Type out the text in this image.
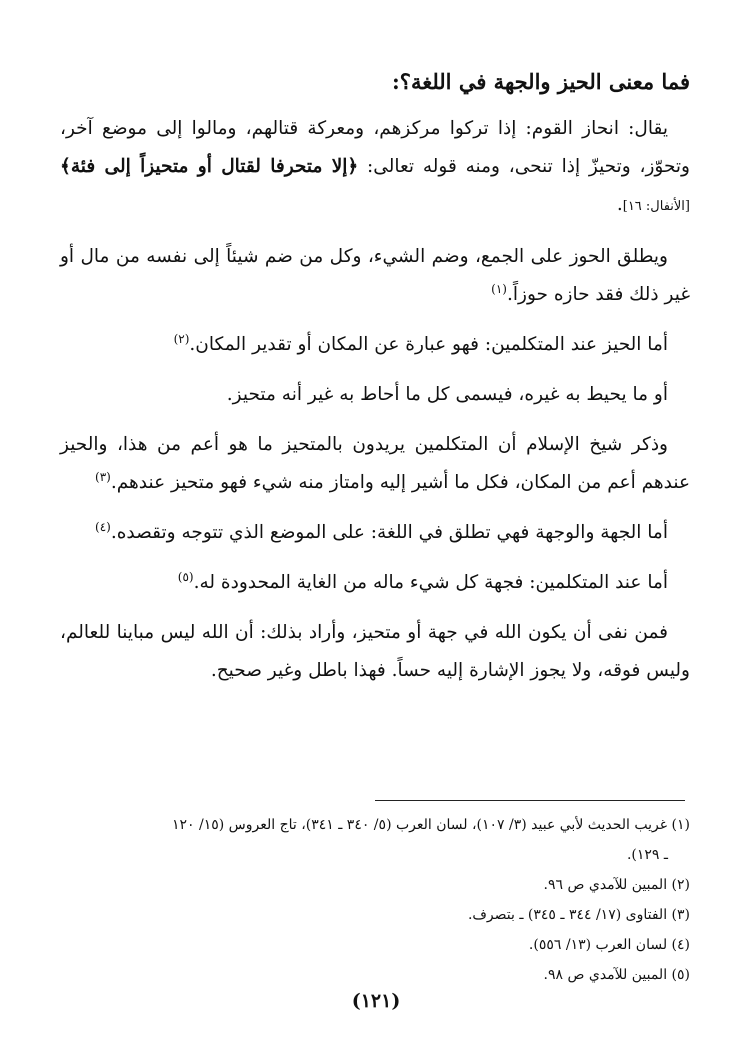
فما معنى الحيز والجهة في اللغة؟:

يقال: انحاز القوم: إذا تركوا مركزهم، ومعركة قتالهم، ومالوا إلى موضع آخر، وتحوّز، وتحيزّ إذا تنحى، ومنه قوله تعالى: ﴿إلا متحرفا لقتال أو متحيزاً إلى فئة﴾[الأنفال: ١٦].

ويطلق الحوز على الجمع، وضم الشيء، وكل من ضم شيئاً إلى نفسه من مال أو غير ذلك فقد حازه حوزاً.$^{(١)}$

أما الحيز عند المتكلمين: فهو عبارة عن المكان أو تقدير المكان.$^{(٢)}$

أو ما يحيط به غيره، فيسمى كل ما أحاط به غير أنه متحيز.

وذكر شيخ الإسلام أن المتكلمين يريدون بالمتحيز ما هو أعم من هذا، والحيز عندهم أعم من المكان، فكل ما أشير إليه وامتاز منه شيء فهو متحيز عندهم.$^{(٣)}$

أما الجهة والوجهة فهي تطلق في اللغة: على الموضع الذي تتوجه وتقصده.$^{(٤)}$

أما عند المتكلمين: فجهة كل شيء ماله من الغاية المحدودة له.$^{(٥)}$

فمن نفى أن يكون الله في جهة أو متحيز، وأراد بذلك: أن الله ليس مباينا للعالم، وليس فوقه، ولا يجوز الإشارة إليه حساً. فهذا باطل وغير صحيح.

(١) غريب الحديث لأبي عبيد (٣/ ١٠٧)، لسان العرب (٥/ ٣٤٠ ـ ٣٤١)، تاج العروس (١٥/ ١٢٠
ـ ١٢٩).

(٢) المبين للآمدي ص ٩٦.

(٣) الفتاوى (١٧/ ٣٤٤ ـ ٣٤٥) ـ بتصرف.

(٤) لسان العرب (١٣/ ٥٥٦).

(٥) المبين للآمدي ص ٩٨.

(١٢١)
